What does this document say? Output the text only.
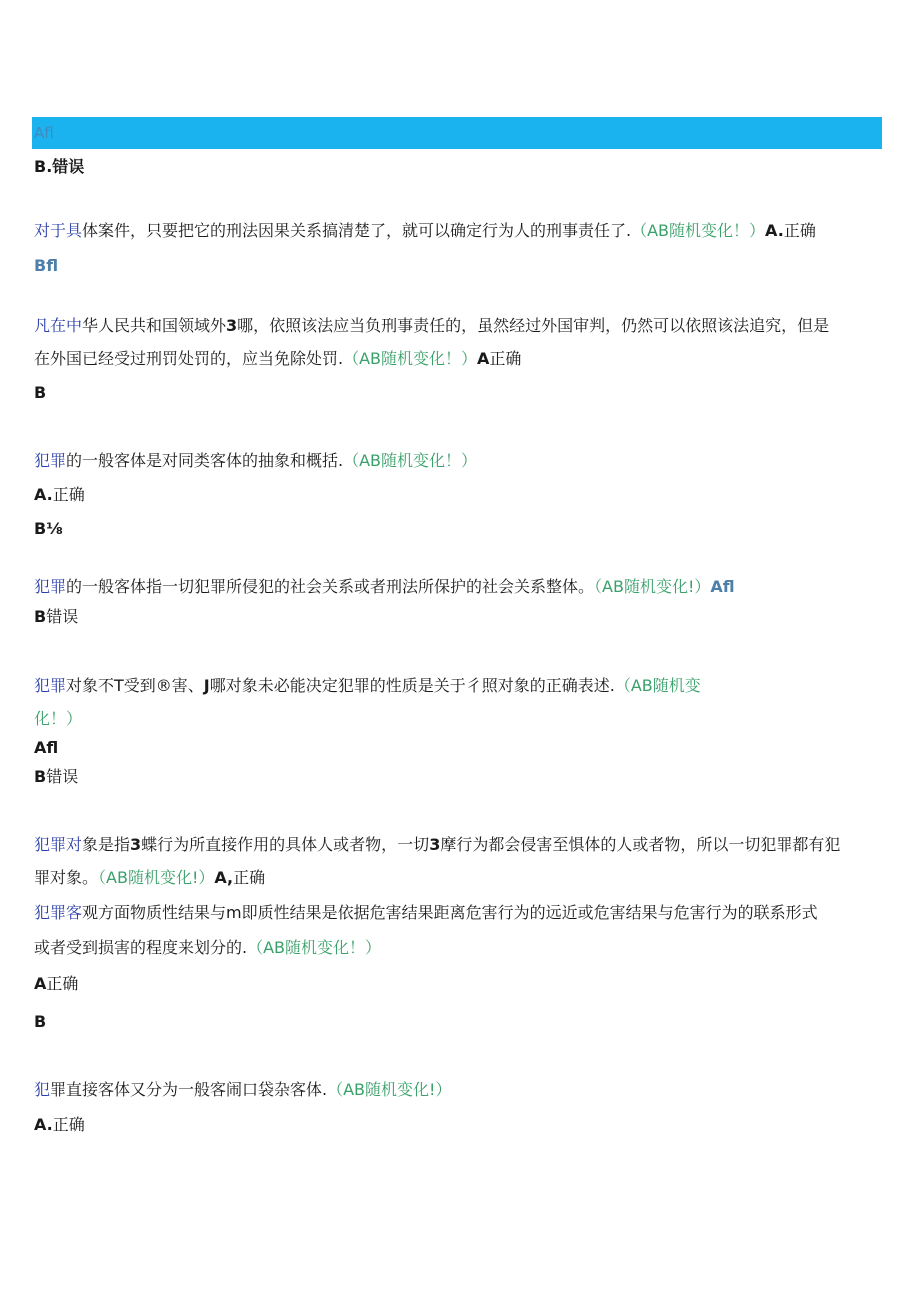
Afl
B.错误
对于具体案件，只要把它的刑法因果关系搞清楚了，就可以确定行为人的刑事责任了.（AB随机变化！）A.正确
Bfl
凡在中华人民共和国领域外3哪，依照该法应当负刑事责任的，虽然经过外国审判，仍然可以依照该法追究，但是
在外国已经受过刑罚处罚的，应当免除处罚.（AB随机变化！）A正确
B
犯罪的一般客体是对同类客体的抽象和概括.（AB随机变化！）
A.正确
B⅛
犯罪的一般客体指一切犯罪所侵犯的社会关系或者刑法所保护的社会关系整体。（AB随机变化!）Afl
B错误
犯罪对象不T受到®害、J哪对象未必能决定犯罪的性质是关于彳照对象的正确表述.（AB随机变
化！）
Afl
B错误
犯罪对象是指3蝶行为所直接作用的具体人或者物，一切3摩行为都会侵害至惧体的人或者物，所以一切犯罪都有犯
罪对象。（AB随机变化!）A,正确
犯罪客观方面物质性结果与m即质性结果是依据危害结果距离危害行为的远近或危害结果与危害行为的联系形式
或者受到损害的程度来划分的.（AB随机变化！）
A正确
B
犯罪直接客体又分为一般客闹口袋杂客体.（AB随机变化!）
A.正确
